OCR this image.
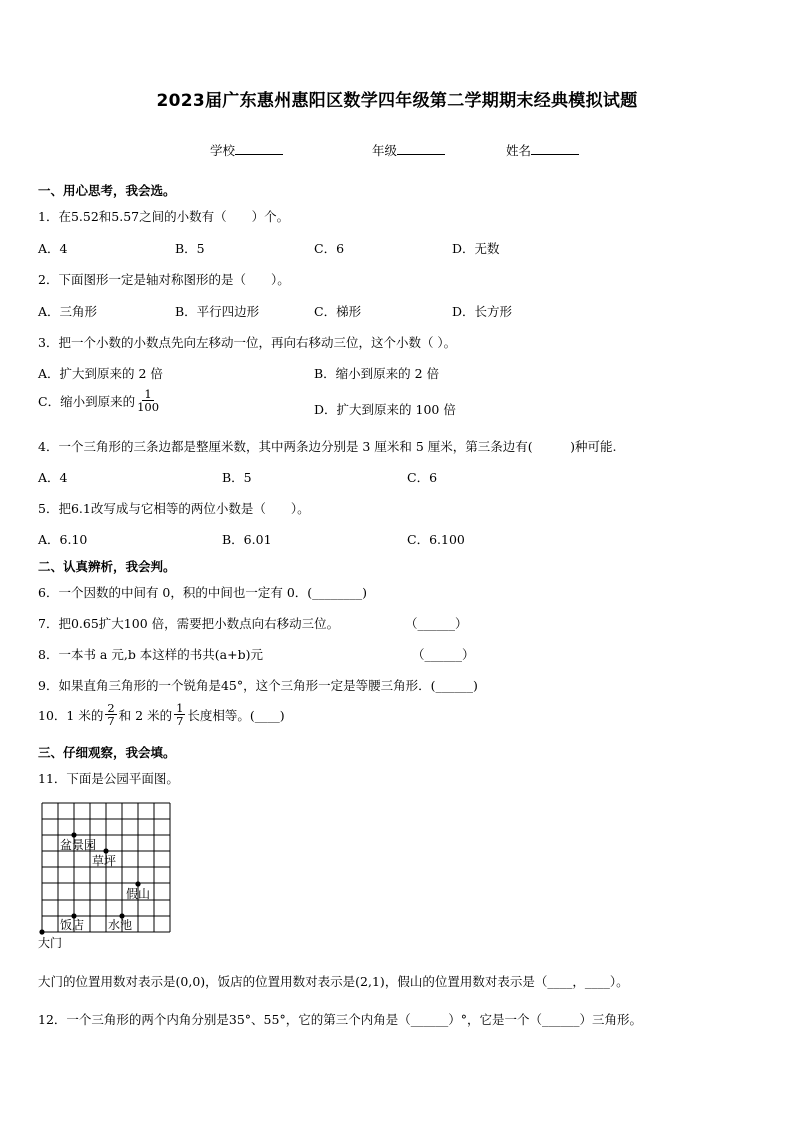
2023届广东惠州惠阳区数学四年级第二学期期末经典模拟试题
学校	年级	姓名
一、用心思考，我会选。
1．在5.52和5.57之间的小数有（　　）个。
A．4	B．5	C．6	D．无数
2．下面图形一定是轴对称图形的是（　　）。
A．三角形	B．平行四边形	C．梯形	D．长方形
3．把一个小数的小数点先向左移动一位，再向右移动三位，这个小数（ ）。
A．扩大到原来的 2 倍	B．缩小到原来的 2 倍
C．缩小到原来的 $\frac{1}{100}$	D．扩大到原来的 100 倍
4．一个三角形的三条边都是整厘米数，其中两条边分别是 3 厘米和 5 厘米，第三条边有(　　　)种可能.
A．4	B．5	C．6
5．把6.1改写成与它相等的两位小数是（　　）。
A．6.10	B．6.01	C．6.100
二、认真辨析，我会判。
6．一个因数的中间有 0，积的中间也一定有 0．(________)
7．把0.65扩大100 倍，需要把小数点向右移动三位。	（______）
8．一本书 a 元,b 本这样的书共(a+b)元	（______）
9．如果直角三角形的一个锐角是45°，这个三角形一定是等腰三角形．(______)
10．1 米的 $\frac{2}{7}$ 和 2 米的 $\frac{1}{7}$ 长度相等。(____)
三、仔细观察，我会填。
11．下面是公园平面图。
盆景园
草坪
假山
饭店 水池
大门
大门的位置用数对表示是(0,0)，饭店的位置用数对表示是(2,1)，假山的位置用数对表示是（____，____）。
12．一个三角形的两个内角分别是35°、55°，它的第三个内角是（______）°，它是一个（______）三角形。
